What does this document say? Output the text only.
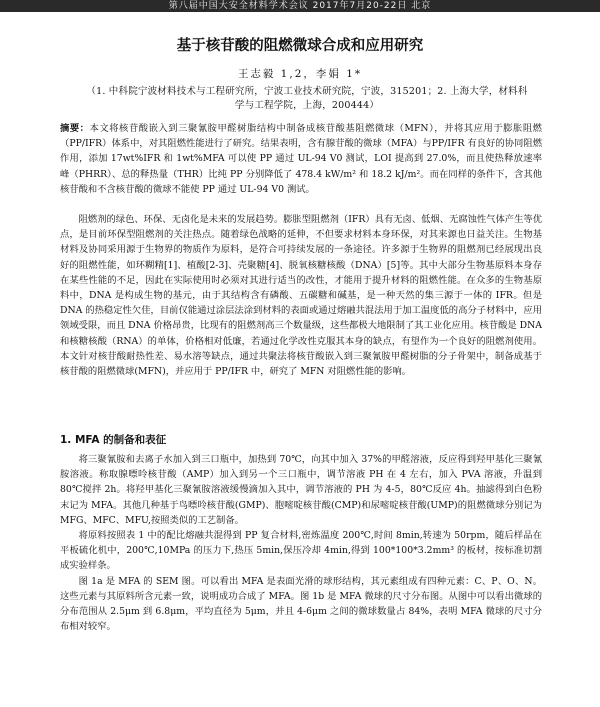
第八届中国大安全材料学术会议 2017年7月20-22日 北京
基于核苷酸的阻燃微球合成和应用研究
王志毅 1,2，李娟 1*
（1. 中科院宁波材料技术与工程研究所，宁波工业技术研究院，宁波，315201；2. 上海大学，材料科学与工程学院，上海，200444）
摘要：本文将核苷酸嵌入到三聚氰胺甲醛树脂结构中制备成核苷酸基阻燃微球（MFN），并将其应用于膨胀阻燃（PP/IFR）体系中，对其阻燃性能进行了研究。结果表明，含有腺苷酸的微球（MFA）与PP/IFR 有良好的协同阻燃作用，添加 17wt%IFR 和 1wt%MFA 可以使 PP 通过 UL-94 V0 测试，LOI 提高到 27.0%，而且使热释放速率峰（PHRR）、总的释热量（THR）比纯 PP 分别降低了 478.4 kW/m² 和 18.2 kJ/m²。而在同样的条件下，含其他核苷酸和不含核苷酸的微球不能使 PP 通过 UL-94 V0 测试。

阻燃剂的绿色、环保、无卤化是未来的发展趋势。膨胀型阻燃剂（IFR）具有无卤、低烟、无腐蚀性气体产生等优点，是目前环保型阻燃剂的关注热点。随着绿色战略的延伸，不但要求材料本身环保，对其来源也日益关注。生物基材料及协同采用源于生物界的物质作为原料，是符合可持续发展的一条途径。许多源于生物界的阻燃剂已经展现出良好的阻燃性能，如环糊精[1]、植酸[2-3]、壳聚糖[4]、脱氧核糖核酸（DNA）[5]等。其中大部分生物基原料本身存在某些性能的不足，因此在实际使用时必须对其进行适当的改性，才能用于提升材料的阻燃性能。在众多的生物基原料中，DNA 是构成生物的基元，由于其结构含有磷酸、五碳糖和碱基，是一种天然的集三源于一体的 IFR。但是 DNA 的热稳定性欠佳，目前仅能通过涂层法涂到材料的表面或通过熔融共混法用于加工温度低的高分子材料中，应用领域受限，而且 DNA 价格昂贵，比现有的阻燃剂高三个数量级，这些都极大地限制了其工业化应用。核苷酸是 DNA 和核糖核酸（RNA）的单体，价格相对低廉，若通过化学改性克服其本身的缺点，有望作为一个良好的阻燃剂使用。本文针对核苷酸耐热性差、易水溶等缺点，通过共聚法将核苷酸嵌入到三聚氰胺甲醛树脂的分子骨架中，制备成基于核苷酸的阻燃微球(MFN)，并应用于 PP/IFR 中，研究了 MFN 对阻燃性能的影响。

1. MFA 的制备和表征

将三聚氰胺和去离子水加入到三口瓶中，加热到 70℃，向其中加入 37%的甲醛溶液，反应得到羟甲基化三聚氰胺溶液。称取腺嘌呤核苷酸（AMP）加入到另一个三口瓶中，调节溶液 PH 在 4 左右，加入 PVA 溶液，升温到 80℃搅拌 2h。将羟甲基化三聚氰胺溶液缓慢滴加入其中，调节溶液的 PH 为 4-5，80℃反应 4h。抽滤得到白色粉末记为 MFA。其他几种基于鸟嘌呤核苷酸(GMP)、胞嘧啶核苷酸(CMP)和尿嘧啶核苷酸(UMP)的阻燃微球分别记为 MFG、MFC、MFU,按照类似的工艺制备。

将原料按照表 1 中的配比熔融共混得到 PP 复合材料,密炼温度 200℃,时间 8min,转速为 50rpm，随后样品在平板硫化机中，200℃,10MPa 的压力下,热压 5min,保压冷却 4min,得到 100*100*3.2mm³ 的板材，按标准切割成实验样条。

图 1a 是 MFA 的 SEM 图。可以看出 MFA 是表面光滑的球形结构，其元素组成有四种元素：C、P、O、N。这些元素与其原料所含元素一致，说明成功合成了 MFA。图 1b 是 MFA 微球的尺寸分布图。从图中可以看出微球的分布范围从 2.5μm 到 6.8μm，平均直径为 5μm，并且 4-6μm 之间的微球数量占 84%，表明 MFA 微球的尺寸分布相对较窄。
